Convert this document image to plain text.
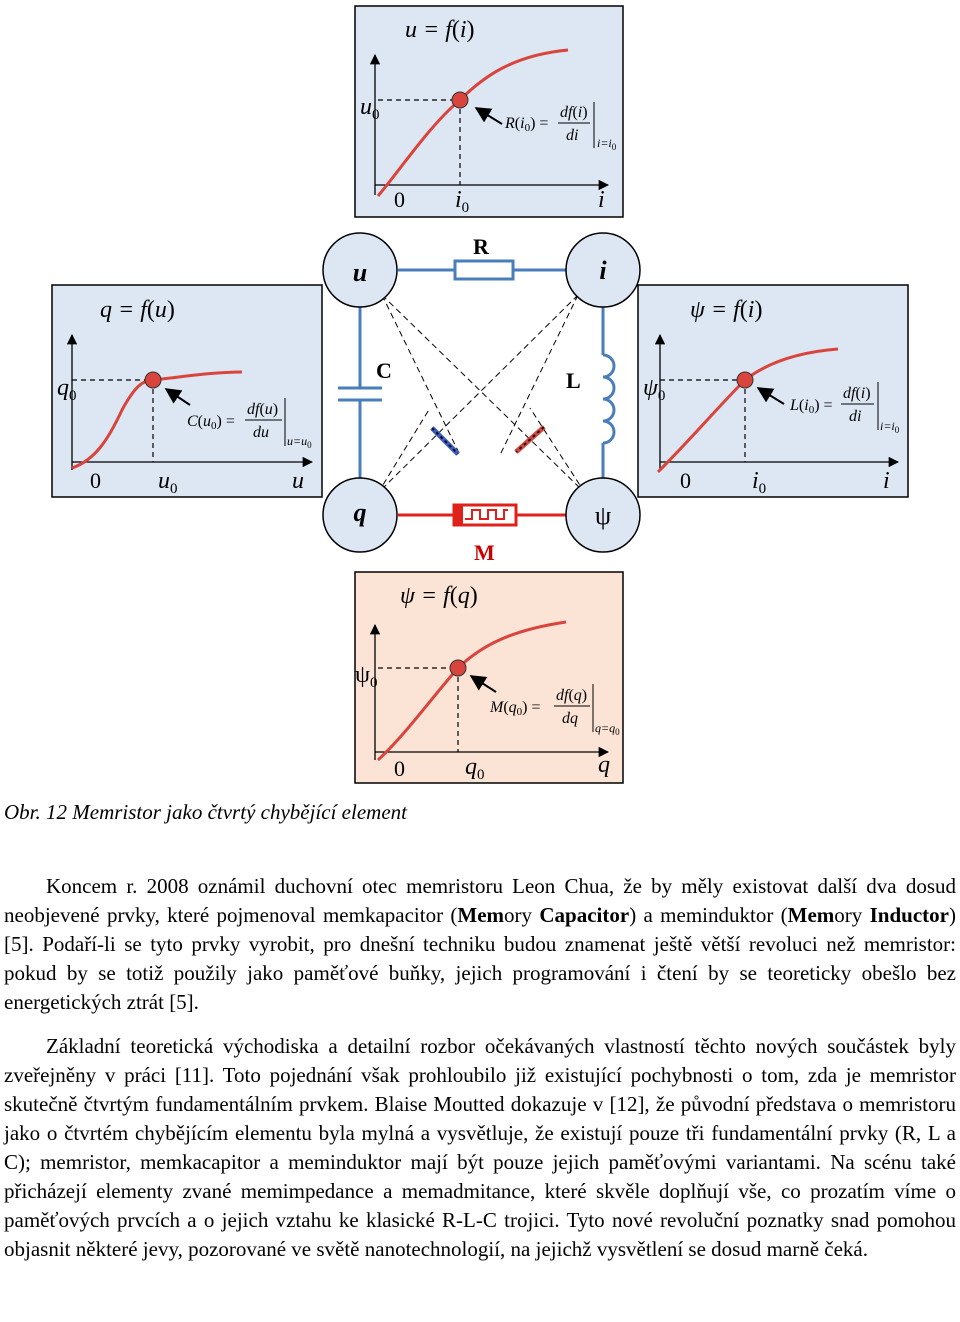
u = f(i)
$u_0$
0 $i_0$	i
R(i0) =
df(i)
di $i=i_0$
q = f(u)
$q_0$
0 $u_0$	u
C(u0) =
df(u)
du $u=u_0$
ψ = f(i)
$\psi_0$
0	$i_0$	i
L(i0) =
df(i)
di
$i=i_0$
R
C	L
M
u	i
q	ψ
ψ = f(q)
$\psi_0$
0	$q_0$	q
M(q0) =
df(q)
dq
$q=q_0$
Obr. 12 Memristor jako čtvrtý chybějící element
Koncem r. 2008 oznámil duchovní otec memristoru Leon Chua, že by měly existovat další dva dosud neobjevené prvky, které pojmenoval memkapacitor (Memory Capacitor) a meminduktor (Memory Inductor) [5]. Podaří-li se tyto prvky vyrobit, pro dnešní techniku budou znamenat ještě větší revoluci než memristor: pokud by se totiž použily jako paměťové buňky, jejich programování i čtení by se teoreticky obešlo bez energetických ztrát [5].
Základní teoretická východiska a detailní rozbor očekávaných vlastností těchto nových součástek byly zveřejněny v práci [11]. Toto pojednání však prohloubilo již existující pochybnosti o tom, zda je memristor skutečně čtvrtým fundamentálním prvkem. Blaise Moutted dokazuje v [12], že původní představa o memristoru jako o čtvrtém chybějícím elementu byla mylná a vysvětluje, že existují pouze tři fundamentální prvky (R, L a C); memristor, memkacapitor a meminduktor mají být pouze jejich paměťovými variantami. Na scénu také přicházejí elementy zvané memimpedance a memadmitance, které skvěle doplňují vše, co prozatím víme o paměťových prvcích a o jejich vztahu ke klasické R-L-C trojici. Tyto nové revoluční poznatky snad pomohou objasnit některé jevy, pozorované ve světě nanotechnologií, na jejichž vysvětlení se dosud marně čeká.
